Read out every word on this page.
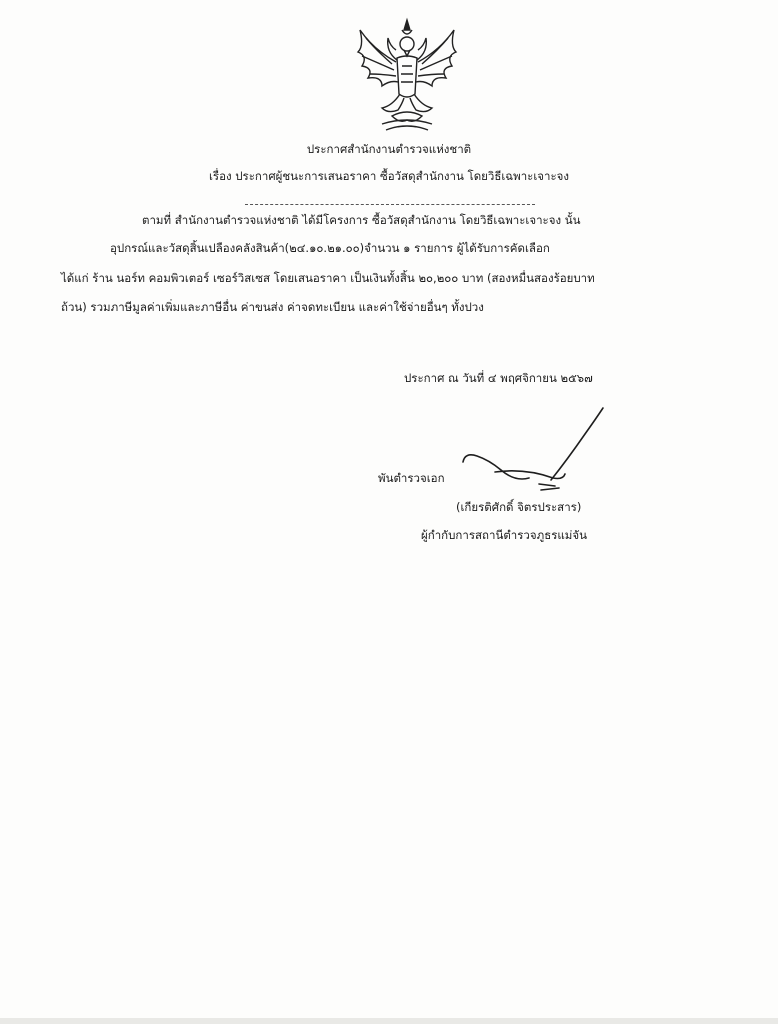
ประกาศสำนักงานตำรวจแห่งชาติ
เรื่อง ประกาศผู้ชนะการเสนอราคา ซื้อวัสดุสำนักงาน โดยวิธีเฉพาะเจาะจง
ตามที่ สำนักงานตำรวจแห่งชาติ ได้มีโครงการ ซื้อวัสดุสำนักงาน โดยวิธีเฉพาะเจาะจง นั้น
อุปกรณ์และวัสดุสิ้นเปลืองคลังสินค้า(๒๔.๑๐.๒๑.๐๐)จำนวน ๑ รายการ ผู้ได้รับการคัดเลือก
ได้แก่ ร้าน นอร์ท คอมพิวเตอร์ เซอร์วิสเซส โดยเสนอราคา เป็นเงินทั้งสิ้น ๒๐,๒๐๐ บาท (สองหมื่นสองร้อยบาท
ถ้วน) รวมภาษีมูลค่าเพิ่มและภาษีอื่น ค่าขนส่ง ค่าจดทะเบียน และค่าใช้จ่ายอื่นๆ ทั้งปวง
ประกาศ ณ วันที่ ๔ พฤศจิกายน ๒๕๖๗
พันตำรวจเอก
(เกียรติศักดิ์ จิตรประสาร)
ผู้กำกับการสถานีตำรวจภูธรแม่จัน
